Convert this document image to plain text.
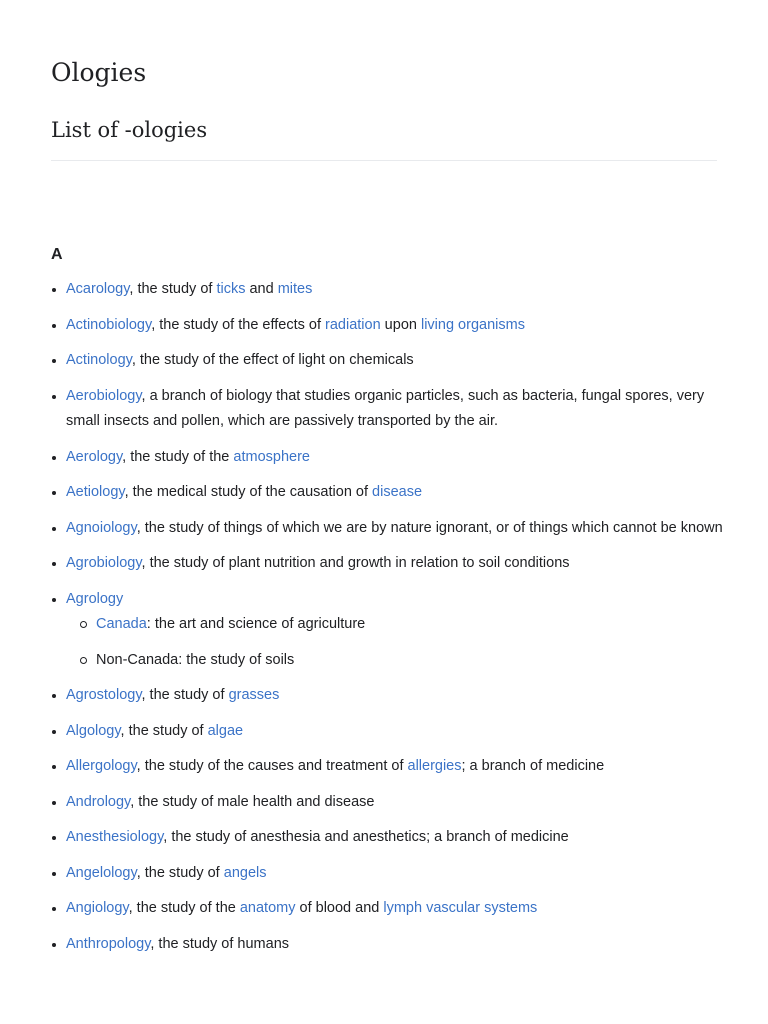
Ologies
List of -ologies
A
Acarology, the study of ticks and mites
Actinobiology, the study of the effects of radiation upon living organisms
Actinology, the study of the effect of light on chemicals
Aerobiology, a branch of biology that studies organic particles, such as bacteria, fungal spores, very small insects and pollen, which are passively transported by the air.
Aerology, the study of the atmosphere
Aetiology, the medical study of the causation of disease
Agnoiology, the study of things of which we are by nature ignorant, or of things which cannot be known
Agrobiology, the study of plant nutrition and growth in relation to soil conditions
Agrology
Canada: the art and science of agriculture
Non-Canada: the study of soils
Agrostology, the study of grasses
Algology, the study of algae
Allergology, the study of the causes and treatment of allergies; a branch of medicine
Andrology, the study of male health and disease
Anesthesiology, the study of anesthesia and anesthetics; a branch of medicine
Angelology, the study of angels
Angiology, the study of the anatomy of blood and lymph vascular systems
Anthropology, the study of humans
